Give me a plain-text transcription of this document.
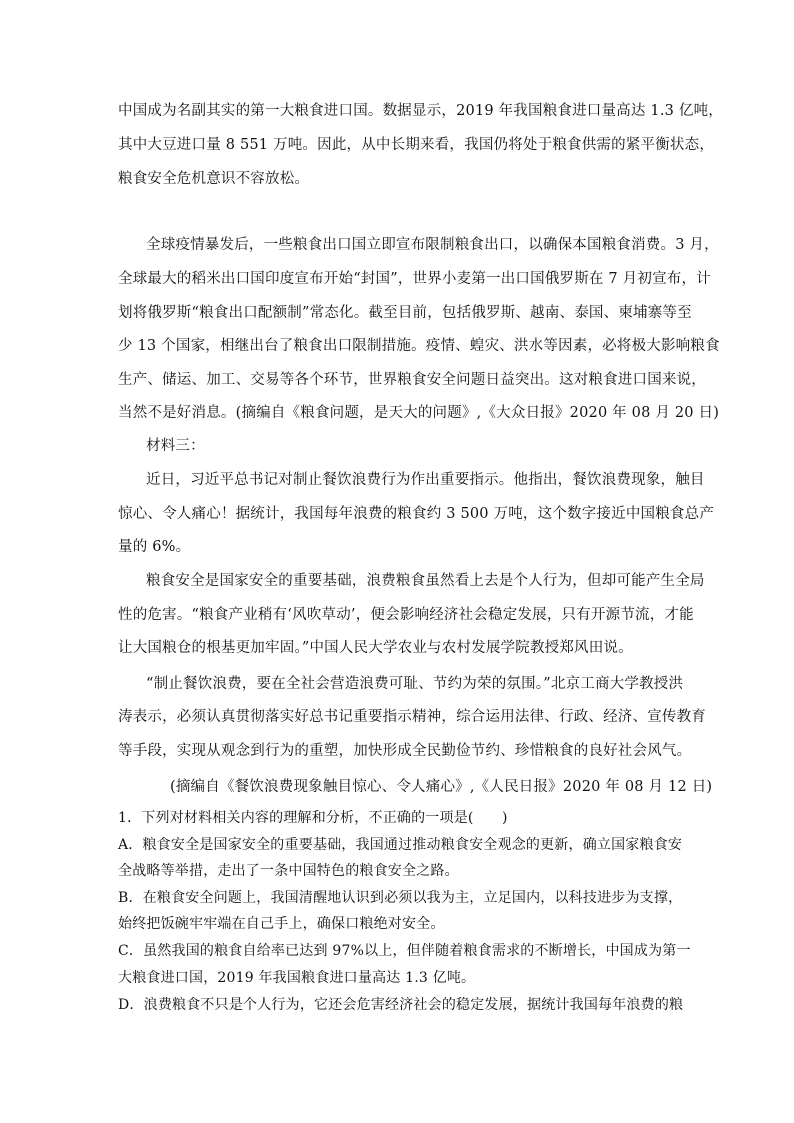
中国成为名副其实的第一大粮食进口国。数据显示，2019 年我国粮食进口量高达 1.3 亿吨，
其中大豆进口量 8 551 万吨。因此，从中长期来看，我国仍将处于粮食供需的紧平衡状态，
粮食安全危机意识不容放松。
全球疫情暴发后，一些粮食出口国立即宣布限制粮食出口，以确保本国粮食消费。3 月，
全球最大的稻米出口国印度宣布开始“封国”，世界小麦第一出口国俄罗斯在 7 月初宣布，计
划将俄罗斯“粮食出口配额制”常态化。截至目前，包括俄罗斯、越南、泰国、柬埔寨等至
少 13 个国家，相继出台了粮食出口限制措施。疫情、蝗灾、洪水等因素，必将极大影响粮食
生产、储运、加工、交易等各个环节，世界粮食安全问题日益突出。这对粮食进口国来说，
当然不是好消息。(摘编自《粮食问题，是天大的问题》,《大众日报》2020 年 08 月 20 日)
材料三：
近日，习近平总书记对制止餐饮浪费行为作出重要指示。他指出，餐饮浪费现象，触目
惊心、令人痛心！据统计，我国每年浪费的粮食约 3 500 万吨，这个数字接近中国粮食总产
量的 6%。
粮食安全是国家安全的重要基础，浪费粮食虽然看上去是个人行为，但却可能产生全局
性的危害。“粮食产业稍有‘风吹草动’，便会影响经济社会稳定发展，只有开源节流，才能
让大国粮仓的根基更加牢固。”中国人民大学农业与农村发展学院教授郑风田说。
“制止餐饮浪费，要在全社会营造浪费可耻、节约为荣的氛围。”北京工商大学教授洪
涛表示，必须认真贯彻落实好总书记重要指示精神，综合运用法律、行政、经济、宣传教育
等手段，实现从观念到行为的重塑，加快形成全民勤俭节约、珍惜粮食的良好社会风气。
(摘编自《餐饮浪费现象触目惊心、令人痛心》,《人民日报》2020 年 08 月 12 日)
1．下列对材料相关内容的理解和分析，不正确的一项是(　　)
A．粮食安全是国家安全的重要基础，我国通过推动粮食安全观念的更新，确立国家粮食安
全战略等举措，走出了一条中国特色的粮食安全之路。
B．在粮食安全问题上，我国清醒地认识到必须以我为主，立足国内，以科技进步为支撑，
始终把饭碗牢牢端在自己手上，确保口粮绝对安全。
C．虽然我国的粮食自给率已达到 97%以上，但伴随着粮食需求的不断增长，中国成为第一
大粮食进口国，2019 年我国粮食进口量高达 1.3 亿吨。
D．浪费粮食不只是个人行为，它还会危害经济社会的稳定发展，据统计我国每年浪费的粮
